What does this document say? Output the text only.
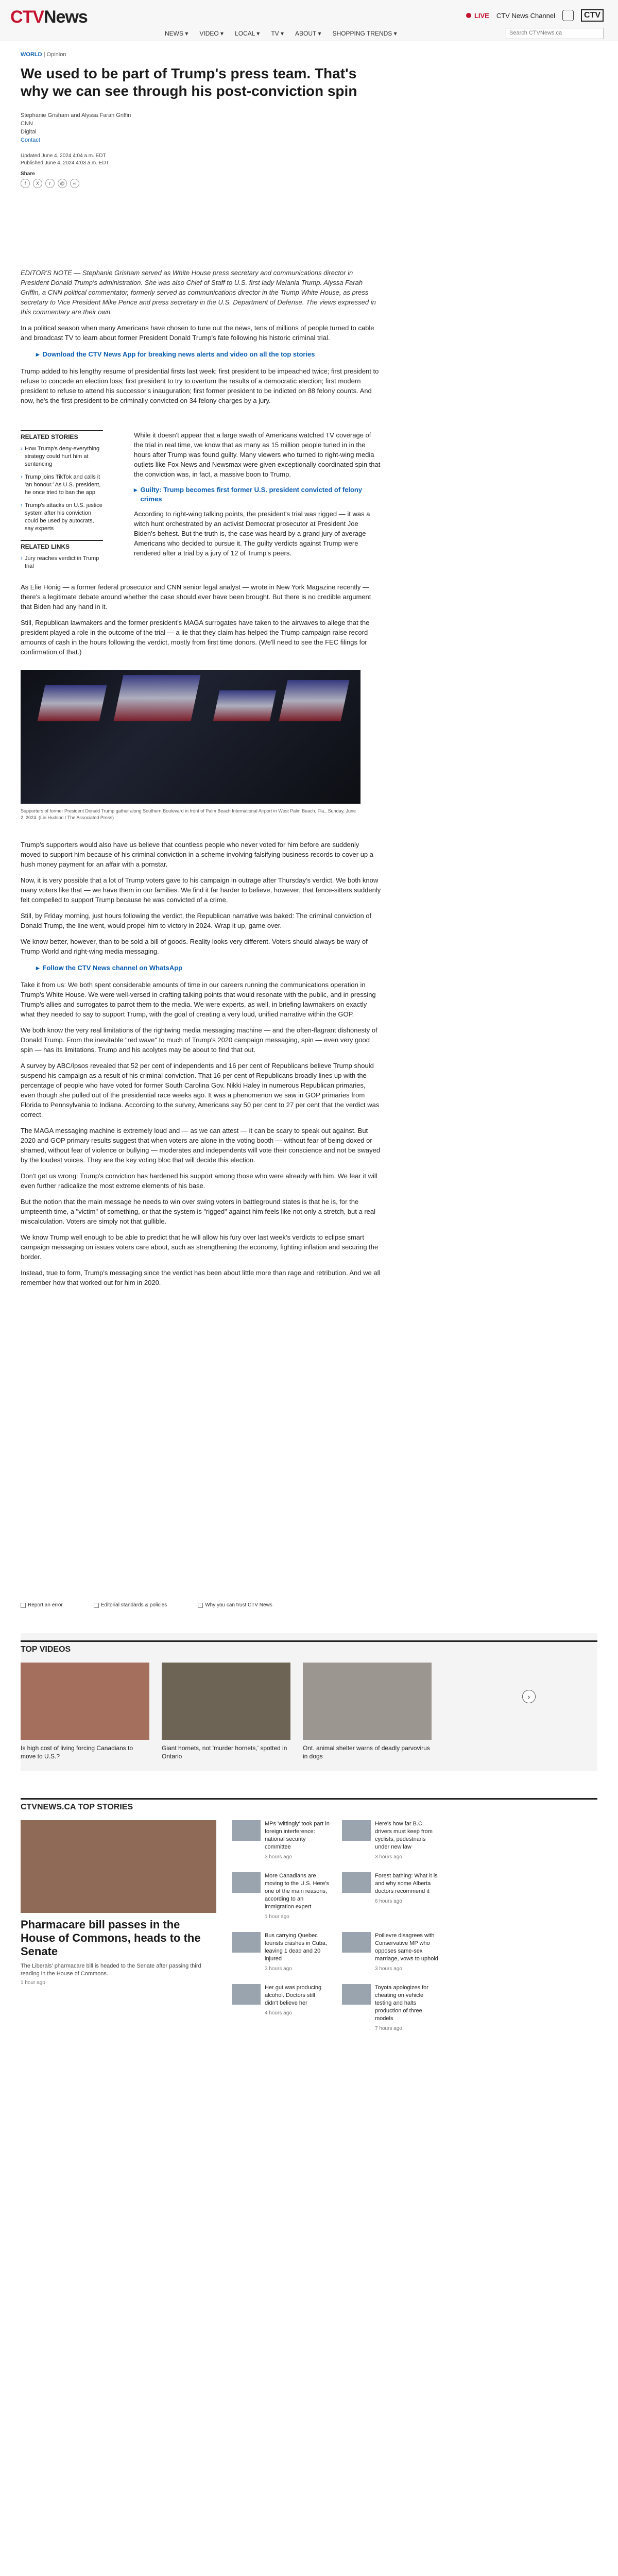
CTVNews	LIVE CTV News Channel	CTV
NEWS ▾ VIDEO ▾ LOCAL ▾ TV ▾ ABOUT ▾ SHOPPING TRENDS ▾	Search CTVNews.ca
WORLD | Opinion
We used to be part of Trump's press team. That's why we can see through his post-conviction spin
Stephanie Grisham and Alyssa Farah Griffin
CNN
Digital
Contact
Updated June 4, 2024 4:04 a.m. EDT
Published June 4, 2024 4:03 a.m. EDT
Share
f	X	r	@	∞

EDITOR'S NOTE — Stephanie Grisham served as White House press secretary and communications director in President Donald Trump's administration. She was also Chief of Staff to U.S. first lady Melania Trump. Alyssa Farah Griffin, a CNN political commentator, formerly served as communications director in the Trump White House, as press secretary to Vice President Mike Pence and press secretary in the U.S. Department of Defense. The views expressed in this commentary are their own.

In a political season when many Americans have chosen to tune out the news, tens of millions of people turned to cable and broadcast TV to learn about former President Donald Trump's fate following his historic criminal trial.

▸ Download the CTV News App for breaking news alerts and video on all the top stories

Trump added to his lengthy resume of presidential firsts last week: first president to be impeached twice; first president to refuse to concede an election loss; first president to try to overturn the results of a democratic election; first modern president to refuse to attend his successor's inauguration; first former president to be indicted on 88 felony counts. And now, he's the first president to be criminally convicted on 34 felony charges by a jury.

RELATED STORIES
› How Trump's deny-everything strategy could hurt him at sentencing
› Trump joins TikTok and calls it 'an honour.' As U.S. president, he once tried to ban the app
› Trump's attacks on U.S. justice system after his conviction could be used by autocrats, say experts
RELATED LINKS
› Jury reaches verdict in Trump trial

While it doesn't appear that a large swath of Americans watched TV coverage of the trial in real time, we know that as many as 15 million people tuned in in the hours after Trump was found guilty. Many viewers who turned to right-wing media outlets like Fox News and Newsmax were given exceptionally coordinated spin that the conviction was, in fact, a massive boon to Trump.

▸ Guilty: Trump becomes first former U.S. president convicted of felony crimes

According to right-wing talking points, the president's trial was rigged — it was a witch hunt orchestrated by an activist Democrat prosecutor at President Joe Biden's behest. But the truth is, the case was heard by a grand jury of average Americans who decided to pursue it. The guilty verdicts against Trump were rendered after a trial by a jury of 12 of Trump's peers.

As Elie Honig — a former federal prosecutor and CNN senior legal analyst — wrote in New York Magazine recently — there's a legitimate debate around whether the case should ever have been brought. But there is no credible argument that Biden had any hand in it.

Still, Republican lawmakers and the former president's MAGA surrogates have taken to the airwaves to allege that the president played a role in the outcome of the trial — a lie that they claim has helped the Trump campaign raise record amounts of cash in the hours following the verdict, mostly from first time donors. (We'll need to see the FEC filings for confirmation of that.)

Supporters of former President Donald Trump gather along Southern Boulevard in front of Palm Beach International Airport in West Palm Beach, Fla., Sunday, June 2, 2024. (Lin Hudson / The Associated Press)

Trump's supporters would also have us believe that countless people who never voted for him before are suddenly moved to support him because of his criminal conviction in a scheme involving falsifying business records to cover up a hush money payment for an affair with a pornstar.

Now, it is very possible that a lot of Trump voters gave to his campaign in outrage after Thursday's verdict. We both know many voters like that — we have them in our families. We find it far harder to believe, however, that fence-sitters suddenly felt compelled to support Trump because he was convicted of a crime.

Still, by Friday morning, just hours following the verdict, the Republican narrative was baked: The criminal conviction of Donald Trump, the line went, would propel him to victory in 2024. Wrap it up, game over.

We know better, however, than to be sold a bill of goods. Reality looks very different. Voters should always be wary of Trump World and right-wing media messaging.

▸ Follow the CTV News channel on WhatsApp

Take it from us: We both spent considerable amounts of time in our careers running the communications operation in Trump's White House. We were well-versed in crafting talking points that would resonate with the public, and in pressing Trump's allies and surrogates to parrot them to the media. We were experts, as well, in briefing lawmakers on exactly what they needed to say to support Trump, with the goal of creating a very loud, unified narrative within the GOP.

We both know the very real limitations of the rightwing media messaging machine — and the often-flagrant dishonesty of Donald Trump. From the inevitable "red wave" to much of Trump's 2020 campaign messaging, spin — even very good spin — has its limitations. Trump and his acolytes may be about to find that out.

A survey by ABC/Ipsos revealed that 52 per cent of independents and 16 per cent of Republicans believe Trump should suspend his campaign as a result of his criminal conviction. That 16 per cent of Republicans broadly lines up with the percentage of people who have voted for former South Carolina Gov. Nikki Haley in numerous Republican primaries, even though she pulled out of the presidential race weeks ago. It was a phenomenon we saw in GOP primaries from Florida to Pennsylvania to Indiana. According to the survey, Americans say 50 per cent to 27 per cent that the verdict was correct.

The MAGA messaging machine is extremely loud and — as we can attest — it can be scary to speak out against. But 2020 and GOP primary results suggest that when voters are alone in the voting booth — without fear of being doxed or shamed, without fear of violence or bullying — moderates and independents will vote their conscience and not be swayed by the loudest voices. They are the key voting bloc that will decide this election.

Don't get us wrong: Trump's conviction has hardened his support among those who were already with him. We fear it will even further radicalize the most extreme elements of his base.

But the notion that the main message he needs to win over swing voters in battleground states is that he is, for the umpteenth time, a "victim" of something, or that the system is "rigged" against him feels like not only a stretch, but a real miscalculation. Voters are simply not that gullible.

We know Trump well enough to be able to predict that he will allow his fury over last week's verdicts to eclipse smart campaign messaging on issues voters care about, such as strengthening the economy, fighting inflation and securing the border.

Instead, true to form, Trump's messaging since the verdict has been about little more than rage and retribution. And we all remember how that worked out for him in 2020.

Report an error	Editorial standards & policies	Why you can trust CTV News
TOP VIDEOS
Is high cost of living forcing Canadians to move to U.S.?
Giant hornets, not 'murder hornets,' spotted in Ontario
Ont. animal shelter warns of deadly parvovirus in dogs
›
CTVNEWS.CA TOP STORIES
Pharmacare bill passes in the House of Commons, heads to the Senate
The Liberals' pharmacare bill is headed to the Senate after passing third reading in the House of Commons.
1 hour ago
MPs 'wittingly' took part in foreign interference: national security committee
3 hours ago
Here's how far B.C. drivers must keep from cyclists, pedestrians under new law
3 hours ago
More Canadians are moving to the U.S. Here's one of the main reasons, according to an immigration expert
1 hour ago
Forest bathing: What it is and why some Alberta doctors recommend it
6 hours ago
Bus carrying Quebec tourists crashes in Cuba, leaving 1 dead and 20 injured
3 hours ago
Poilievre disagrees with Conservative MP who opposes same-sex marriage, vows to uphold
3 hours ago
Her gut was producing alcohol. Doctors still didn't believe her
4 hours ago
Toyota apologizes for cheating on vehicle testing and halts production of three models
7 hours ago
